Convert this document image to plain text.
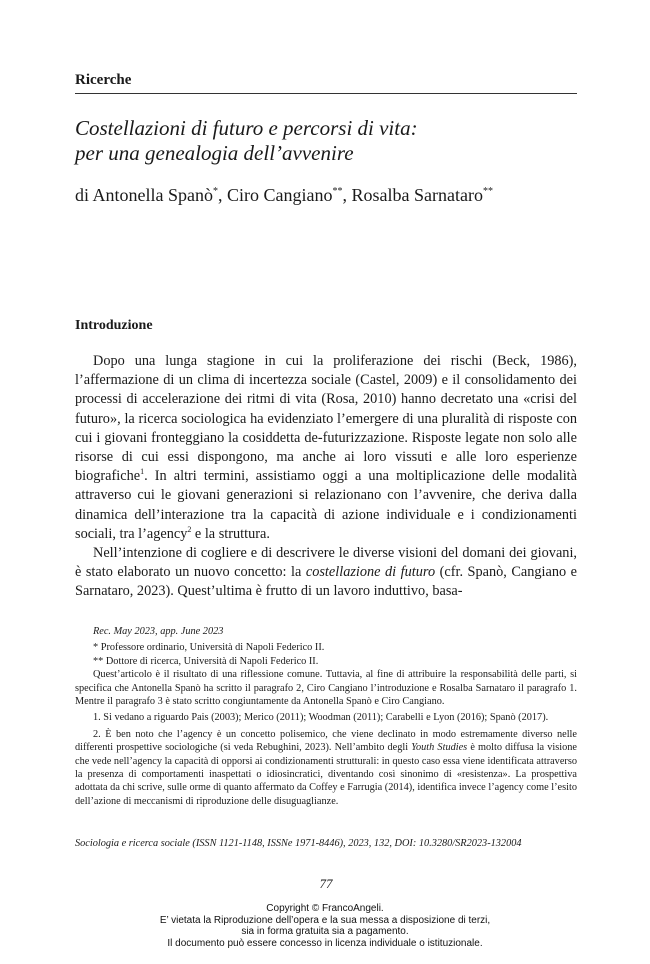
Ricerche
Costellazioni di futuro e percorsi di vita:
per una genealogia dell’avvenire
di Antonella Spanò*, Ciro Cangiano**, Rosalba Sarnataro**
Introduzione

Dopo una lunga stagione in cui la proliferazione dei rischi (Beck, 1986), l’affermazione di un clima di incertezza sociale (Castel, 2009) e il consolidamento dei processi di accelerazione dei ritmi di vita (Rosa, 2010) hanno decretato una «crisi del futuro», la ricerca sociologica ha evidenziato l’emergere di una pluralità di risposte con cui i giovani fronteggiano la cosiddetta de-futurizzazione. Risposte legate non solo alle risorse di cui essi dispongono, ma anche ai loro vissuti e alle loro esperienze biografiche$^1$. In altri termini, assistiamo oggi a una moltiplicazione delle modalità attraverso cui le giovani generazioni si relazionano con l’avvenire, che deriva dalla dinamica dell’interazione tra la capacità di azione individuale e i condizionamenti sociali, tra l’agency$^2$ e la struttura.

Nell’intenzione di cogliere e di descrivere le diverse visioni del domani dei giovani, è stato elaborato un nuovo concetto: la costellazione di futuro (cfr. Spanò, Cangiano e Sarnataro, 2023). Quest’ultima è frutto di un lavoro induttivo, basa-

Rec. May 2023, app. June 2023

* Professore ordinario, Università di Napoli Federico II.

** Dottore di ricerca, Università di Napoli Federico II.

Quest’articolo è il risultato di una riflessione comune. Tuttavia, al fine di attribuire la responsabilità delle parti, si specifica che Antonella Spanò ha scritto il paragrafo 2, Ciro Cangiano l’introduzione e Rosalba Sarnataro il paragrafo 1. Mentre il paragrafo 3 è stato scritto congiuntamente da Antonella Spanò e Ciro Cangiano.

1. Si vedano a riguardo Pais (2003); Merico (2011); Woodman (2011); Carabelli e Lyon (2016); Spanò (2017).

2. È ben noto che l’agency è un concetto polisemico, che viene declinato in modo estremamente diverso nelle differenti prospettive sociologiche (si veda Rebughini, 2023). Nell’ambito degli Youth Studies è molto diffusa la visione che vede nell’agency la capacità di opporsi ai condizionamenti strutturali: in questo caso essa viene identificata attraverso la presenza di comportamenti inaspettati o idiosincratici, diventando così sinonimo di «resistenza». La prospettiva adottata da chi scrive, sulle orme di quanto affermato da Coffey e Farrugia (2014), identifica invece l’agency come l’esito dell’azione di meccanismi di riproduzione delle disuguaglianze.

Sociologia e ricerca sociale (ISSN 1121-1148, ISSNe 1971-8446), 2023, 132, DOI: 10.3280/SR2023-132004
77
Copyright © FrancoAngeli.
E’ vietata la Riproduzione dell’opera e la sua messa a disposizione di terzi,
sia in forma gratuita sia a pagamento.
Il documento può essere concesso in licenza individuale o istituzionale.
